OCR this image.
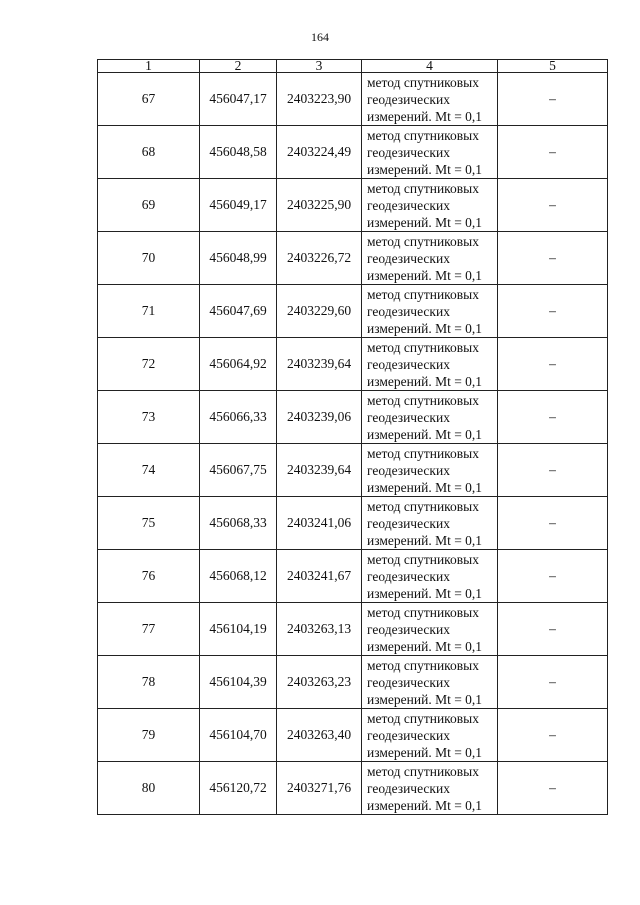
164
1	2	3	4	5
67	456047,17	2403223,90	метод спутниковых
геодезических
измерений. Mt = 0,1	–
68	456048,58	2403224,49	метод спутниковых
геодезических
измерений. Mt = 0,1	–
69	456049,17	2403225,90	метод спутниковых
геодезических
измерений. Mt = 0,1	–
70	456048,99	2403226,72	метод спутниковых
геодезических
измерений. Mt = 0,1	–
71	456047,69	2403229,60	метод спутниковых
геодезических
измерений. Mt = 0,1	–
72	456064,92	2403239,64	метод спутниковых
геодезических
измерений. Mt = 0,1	–
73	456066,33	2403239,06	метод спутниковых
геодезических
измерений. Mt = 0,1	–
74	456067,75	2403239,64	метод спутниковых
геодезических
измерений. Mt = 0,1	–
75	456068,33	2403241,06	метод спутниковых
геодезических
измерений. Mt = 0,1	–
76	456068,12	2403241,67	метод спутниковых
геодезических
измерений. Mt = 0,1	–
77	456104,19	2403263,13	метод спутниковых
геодезических
измерений. Mt = 0,1	–
78	456104,39	2403263,23	метод спутниковых
геодезических
измерений. Mt = 0,1	–
79	456104,70	2403263,40	метод спутниковых
геодезических
измерений. Mt = 0,1	–
80	456120,72	2403271,76	метод спутниковых
геодезических
измерений. Mt = 0,1	–
